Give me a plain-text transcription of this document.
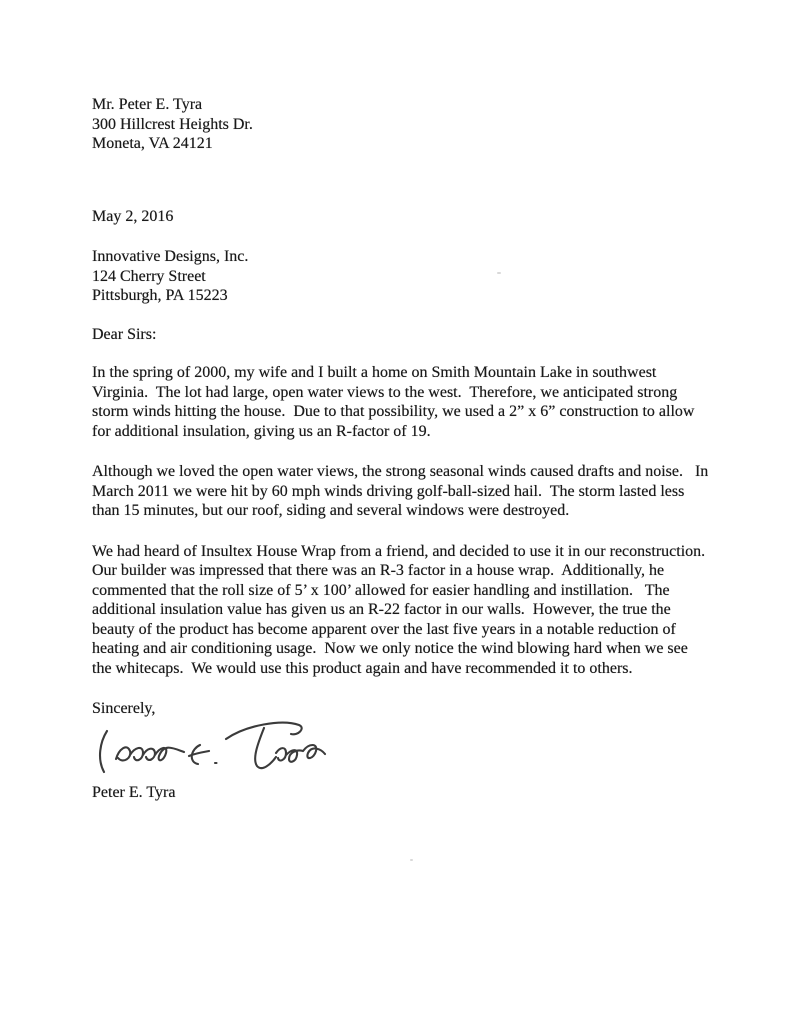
Mr. Peter E. Tyra
300 Hillcrest Heights Dr.
Moneta, VA 24121
May 2, 2016
Innovative Designs, Inc.
124 Cherry Street
Pittsburgh, PA 15223
Dear Sirs:

In the spring of 2000, my wife and I built a home on Smith Mountain Lake in southwest Virginia.  The lot had large, open water views to the west.  Therefore, we anticipated strong storm winds hitting the house.  Due to that possibility, we used a 2” x 6” construction to allow for additional insulation, giving us an R-factor of 19.

Although we loved the open water views, the strong seasonal winds caused drafts and noise.   In March 2011 we were hit by 60 mph winds driving golf-ball-sized hail.  The storm lasted less than 15 minutes, but our roof, siding and several windows were destroyed.

We had heard of Insultex House Wrap from a friend, and decided to use it in our reconstruction.  Our builder was impressed that there was an R-3 factor in a house wrap.  Additionally, he commented that the roll size of 5’ x 100’ allowed for easier handling and instillation.   The additional insulation value has given us an R-22 factor in our walls.  However, the true the beauty of the product has become apparent over the last five years in a notable reduction of heating and air conditioning usage.  Now we only notice the wind blowing hard when we see the whitecaps.  We would use this product again and have recommended it to others.

Sincerely,
Peter E. Tyra
